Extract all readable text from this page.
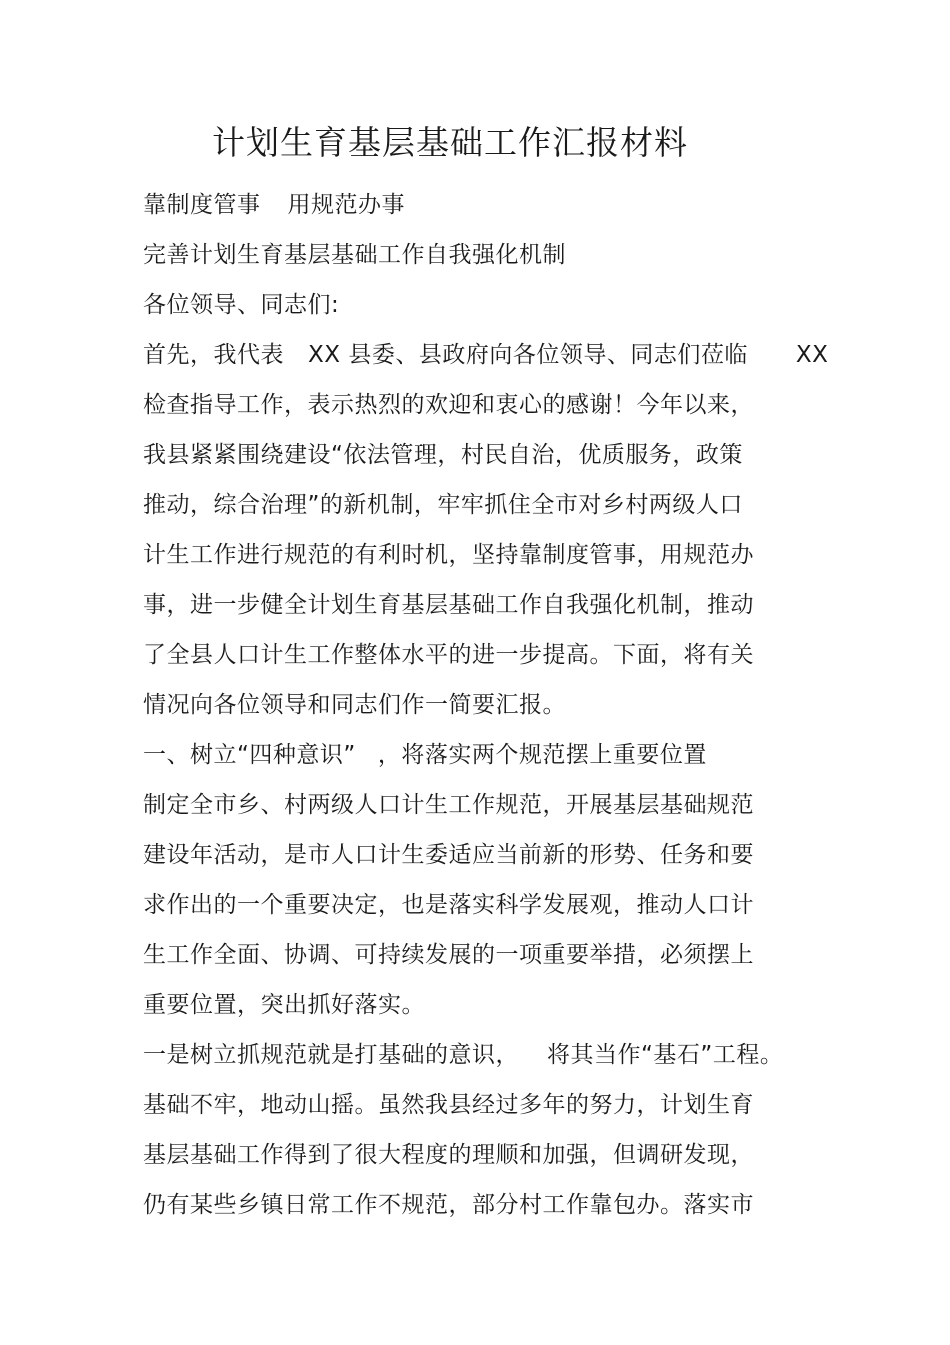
计划生育基层基础工作汇报材料
靠制度管事 用规范办事
完善计划生育基层基础工作自我强化机制
各位领导、同志们:
首先，我代表 XX 县委、县政府向各位领导、同志们莅临 XX
检查指导工作，表示热烈的欢迎和衷心的感谢！今年以来，
我县紧紧围绕建设“依法管理，村民自治，优质服务，政策
推动，综合治理”的新机制，牢牢抓住全市对乡村两级人口
计生工作进行规范的有利时机，坚持靠制度管事，用规范办
事，进一步健全计划生育基层基础工作自我强化机制，推动
了全县人口计生工作整体水平的进一步提高。下面，将有关
情况向各位领导和同志们作一简要汇报。
一、树立“四种意识” ，将落实两个规范摆上重要位置
制定全市乡、村两级人口计生工作规范，开展基层基础规范
建设年活动，是市人口计生委适应当前新的形势、任务和要
求作出的一个重要决定，也是落实科学发展观，推动人口计
生工作全面、协调、可持续发展的一项重要举措，必须摆上
重要位置，突出抓好落实。
一是树立抓规范就是打基础的意识， 将其当作“基石”工程。
基础不牢，地动山摇。虽然我县经过多年的努力，计划生育
基层基础工作得到了很大程度的理顺和加强，但调研发现，
仍有某些乡镇日常工作不规范，部分村工作靠包办。落实市
